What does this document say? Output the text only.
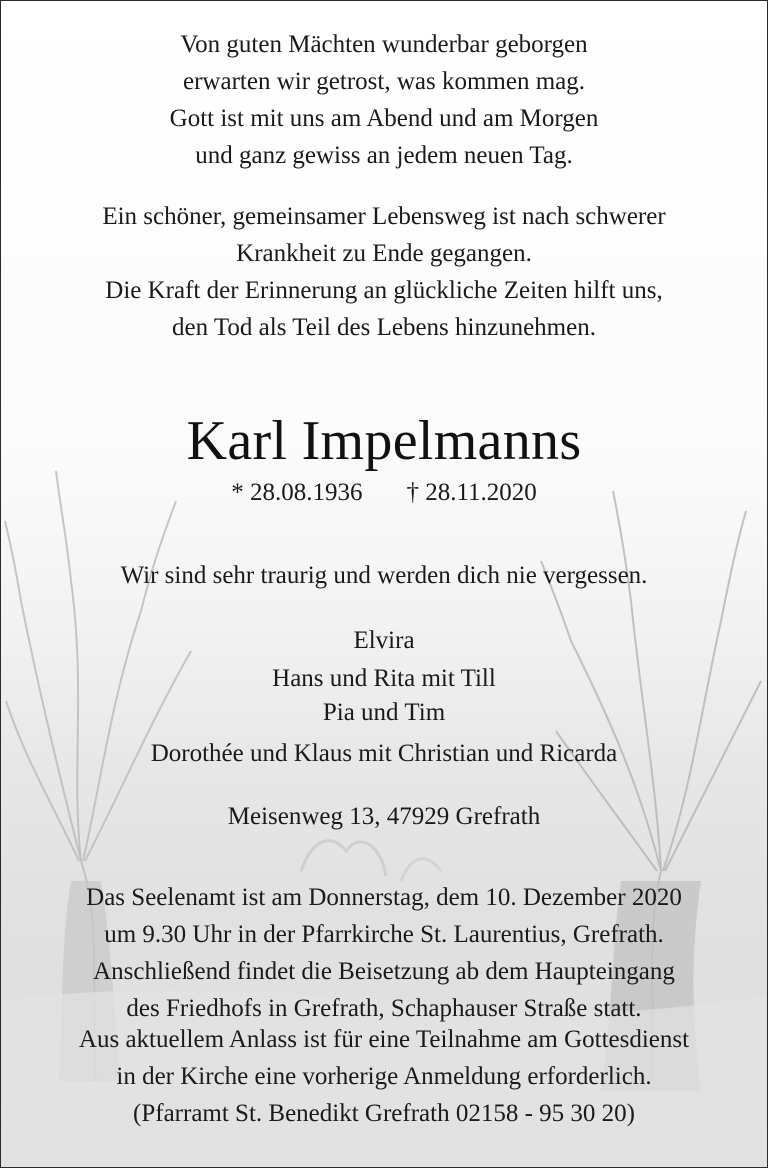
Von guten Mächten wunderbar geborgen
erwarten wir getrost, was kommen mag.
Gott ist mit uns am Abend und am Morgen
und ganz gewiss an jedem neuen Tag.
Ein schöner, gemeinsamer Lebensweg ist nach schwerer
Krankheit zu Ende gegangen.
Die Kraft der Erinnerung an glückliche Zeiten hilft uns,
den Tod als Teil des Lebens hinzunehmen.
Karl Impelmanns
* 28.08.1936 † 28.11.2020
Wir sind sehr traurig und werden dich nie vergessen.
Elvira
Hans und Rita mit Till
Pia und Tim
Dorothée und Klaus mit Christian und Ricarda
Meisenweg 13, 47929 Grefrath
Das Seelenamt ist am Donnerstag, dem 10. Dezember 2020
um 9.30 Uhr in der Pfarrkirche St. Laurentius, Grefrath.
Anschließend findet die Beisetzung ab dem Haupteingang
des Friedhofs in Grefrath, Schaphauser Straße statt.
Aus aktuellem Anlass ist für eine Teilnahme am Gottesdienst
in der Kirche eine vorherige Anmeldung erforderlich.
(Pfarramt St. Benedikt Grefrath 02158 - 95 30 20)
